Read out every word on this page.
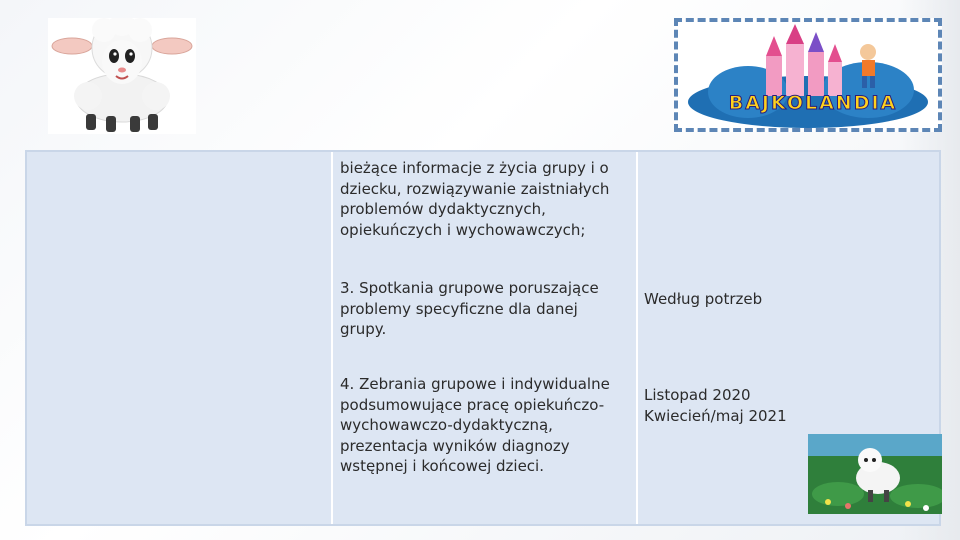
BAJKOLANDIA
bieżące informacje z życia grupy i o
dziecku, rozwiązywanie zaistniałych
problemów dydaktycznych,
opiekuńczych i wychowawczych;
3. Spotkania grupowe poruszające
problemy specyficzne dla danej
grupy.
Według potrzeb
4. Zebrania grupowe i indywidualne
podsumowujące pracę opiekuńczo-
wychowawczo-dydaktyczną,
prezentacja wyników diagnozy
wstępnej i końcowej dzieci.
Listopad 2020
Kwiecień/maj 2021
